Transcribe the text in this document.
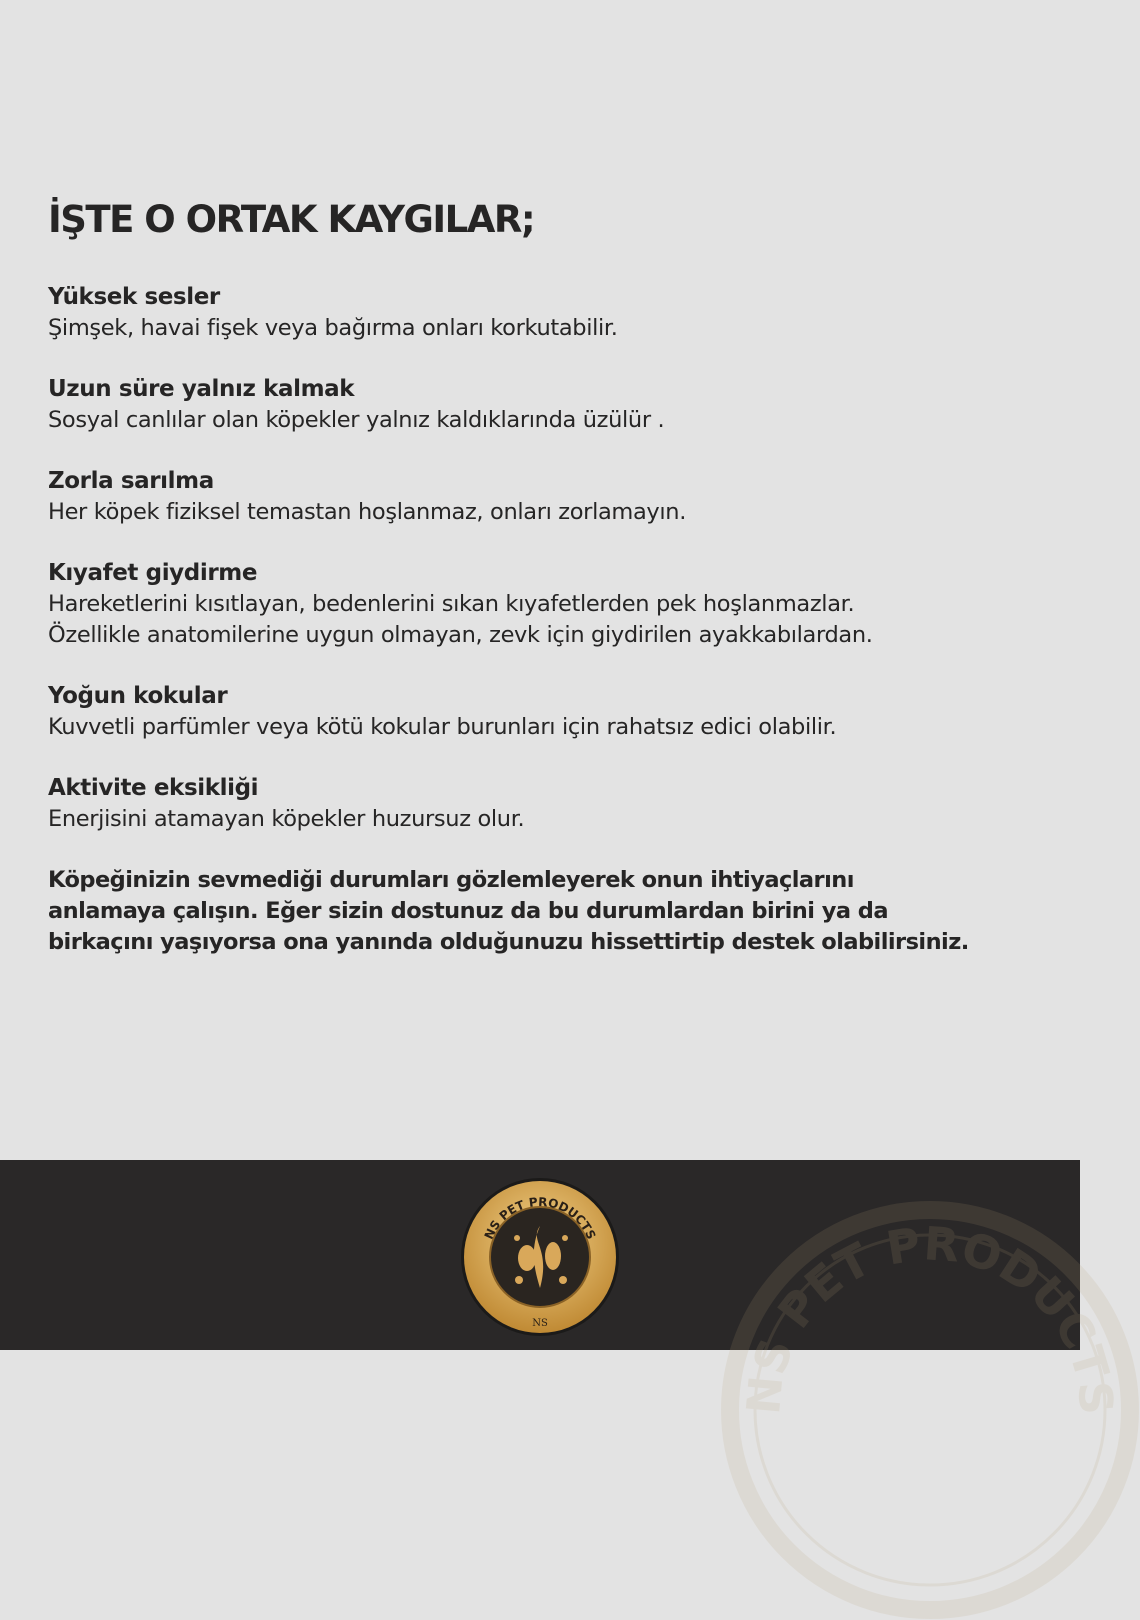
İŞTE O ORTAK KAYGILAR;
Yüksek sesler
Şimşek, havai fişek veya bağırma onları korkutabilir.
Uzun süre yalnız kalmak
Sosyal canlılar olan köpekler yalnız kaldıklarında üzülür .
Zorla sarılma
Her köpek fiziksel temastan hoşlanmaz, onları zorlamayın.
Kıyafet giydirme
Hareketlerini kısıtlayan, bedenlerini sıkan kıyafetlerden pek hoşlanmazlar.
Özellikle anatomilerine uygun olmayan, zevk için giydirilen ayakkabılardan.
Yoğun kokular
Kuvvetli parfümler veya kötü kokular burunları için rahatsız edici olabilir.
Aktivite eksikliği
Enerjisini atamayan köpekler huzursuz olur.
Köpeğinizin sevmediği durumları gözlemleyerek onun ihtiyaçlarını
anlamaya çalışın. Eğer sizin dostunuz da bu durumlardan birini ya da
birkaçını yaşıyorsa ona yanında olduğunuzu hissettirtip destek olabilirsiniz.
NS PET PRODUCTS
NS PET PRODUCTS
NS
